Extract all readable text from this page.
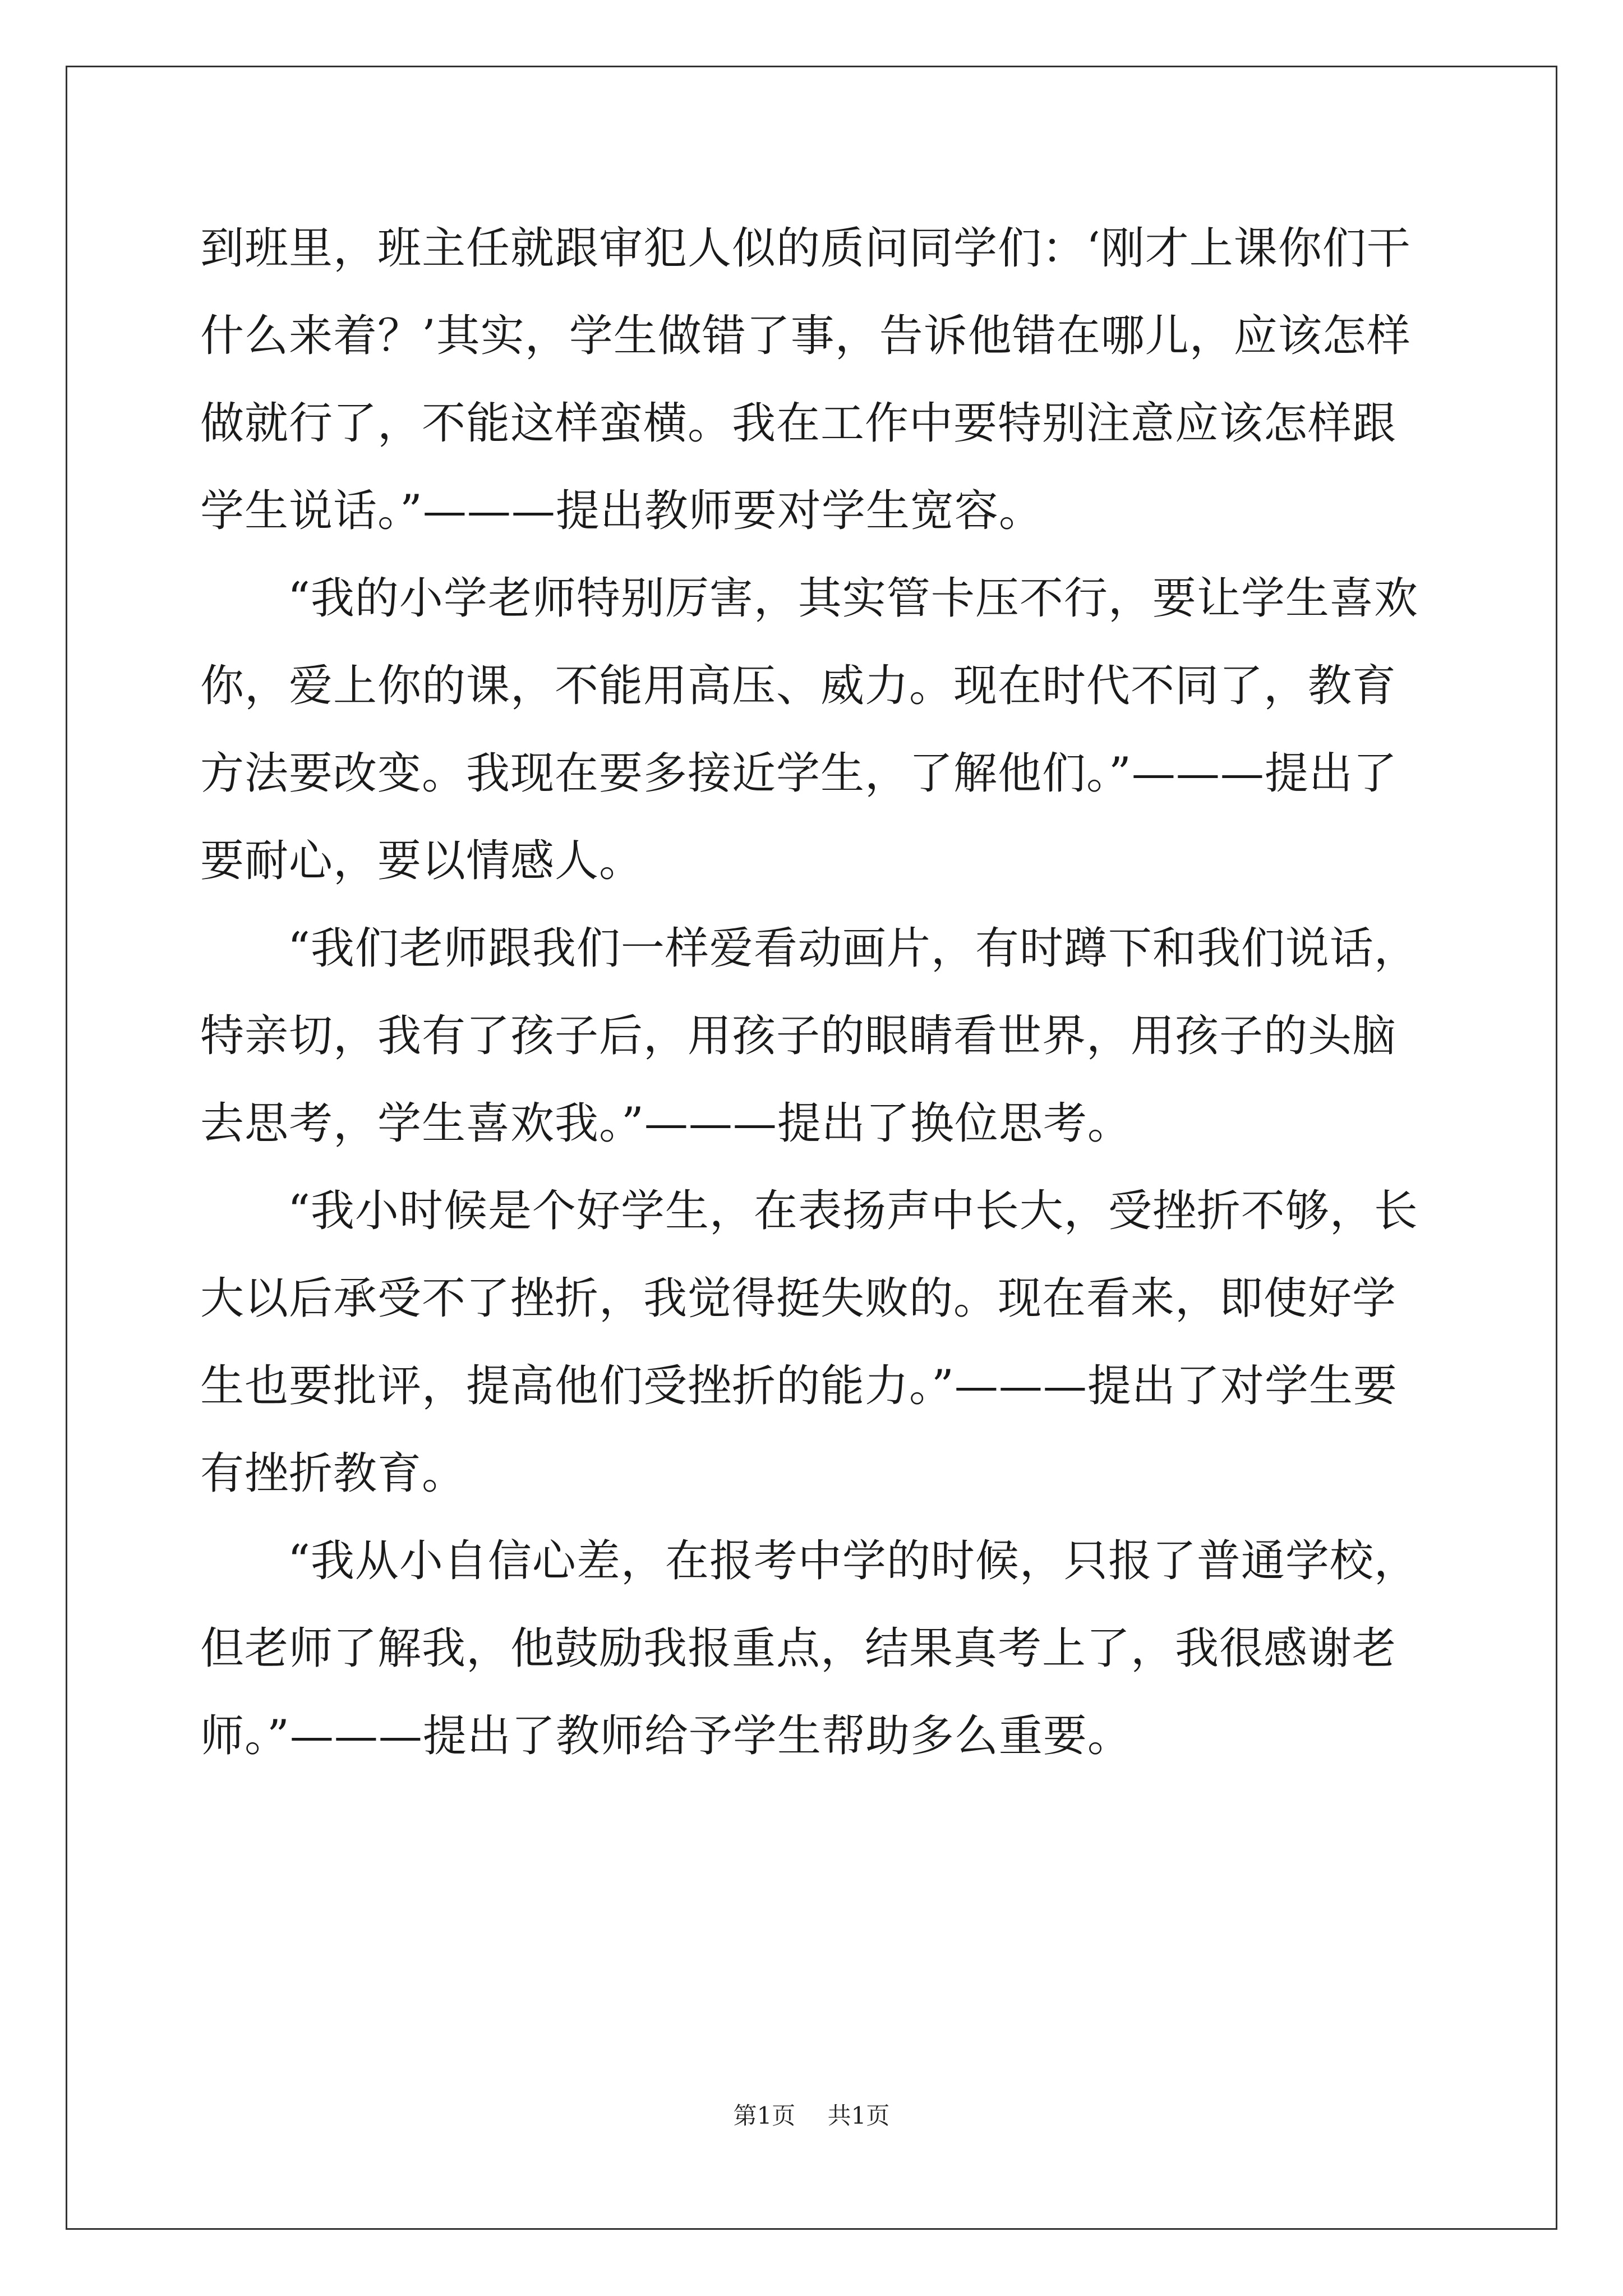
到班里，班主任就跟审犯人似的质问同学们：‘刚才上课你们干什么来着？’其实，学生做错了事，告诉他错在哪儿，应该怎样做就行了，不能这样蛮横。我在工作中要特别注意应该怎样跟学生说话。”———提出教师要对学生宽容。

“我的小学老师特别厉害，其实管卡压不行，要让学生喜欢你，爱上你的课，不能用高压、威力。现在时代不同了，教育方法要改变。我现在要多接近学生，了解他们。”———提出了要耐心，要以情感人。

“我们老师跟我们一样爱看动画片，有时蹲下和我们说话，特亲切，我有了孩子后，用孩子的眼睛看世界，用孩子的头脑去思考，学生喜欢我。”———提出了换位思考。

“我小时候是个好学生，在表扬声中长大，受挫折不够，长大以后承受不了挫折，我觉得挺失败的。现在看来，即使好学生也要批评，提高他们受挫折的能力。”———提出了对学生要有挫折教育。

“我从小自信心差，在报考中学的时候，只报了普通学校，但老师了解我，他鼓励我报重点，结果真考上了，我很感谢老师。”———提出了教师给予学生帮助多么重要。

第1页 共1页
